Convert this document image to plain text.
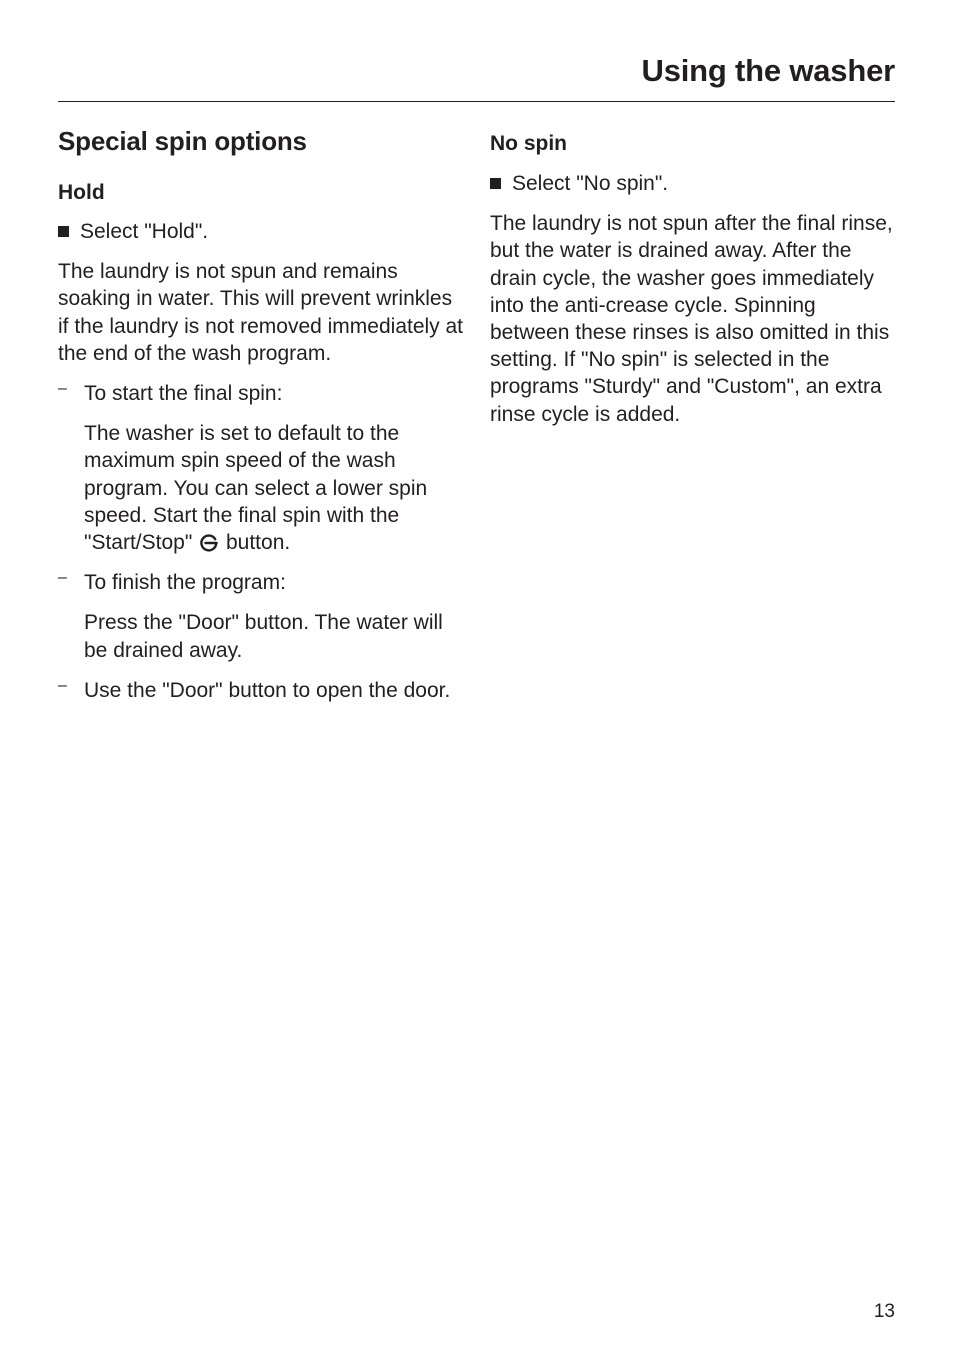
Using the washer
Special spin options
Hold

Select "Hold".

The laundry is not spun and remains soaking in water. This will prevent wrinkles if the laundry is not removed immediately at the end of the wash program.

– To start the final spin:

The washer is set to default to the maximum spin speed of the wash program. You can select a lower spin speed. Start the final spin with the "Start/Stop" button.

– To finish the program:

Press the "Door" button. The water will be drained away.

– Use the "Door" button to open the door.

No spin

Select "No spin".

The laundry is not spun after the final rinse, but the water is drained away. After the drain cycle, the washer goes immediately into the anti-crease cycle. Spinning between these rinses is also omitted in this setting. If "No spin" is selected in the programs "Sturdy" and "Custom", an extra rinse cycle is added.

13
